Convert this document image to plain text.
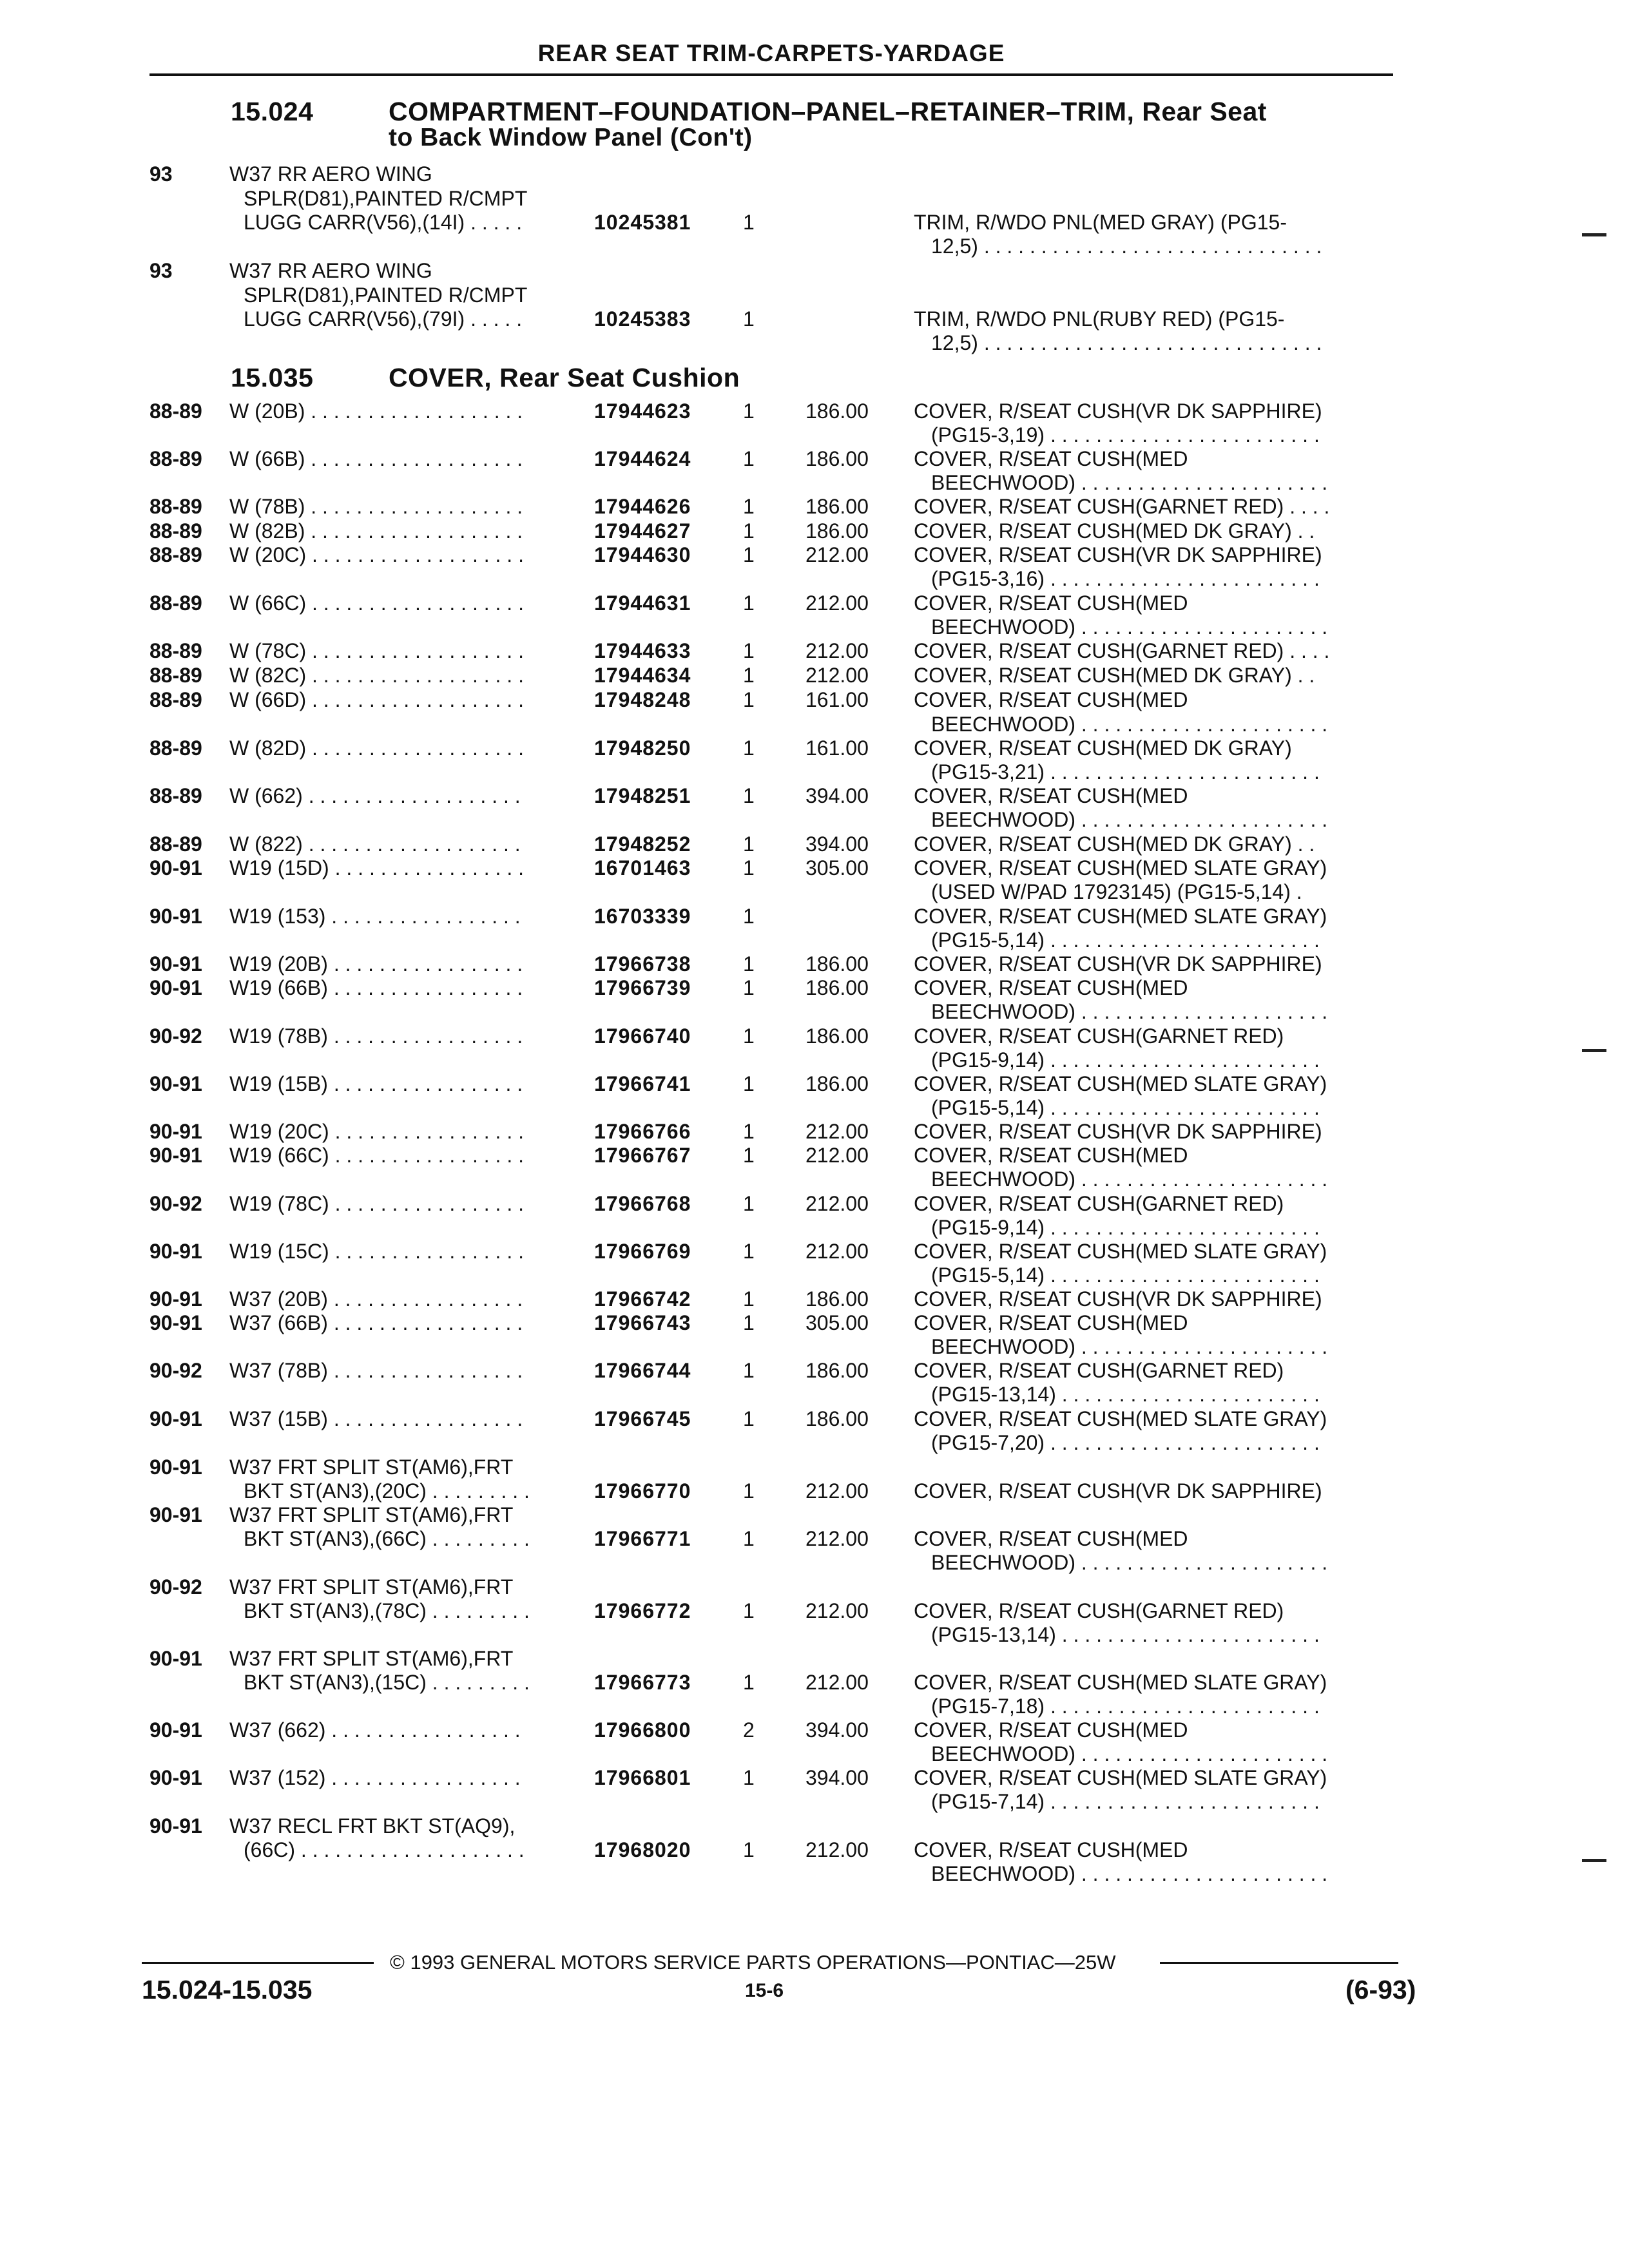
REAR SEAT TRIM-CARPETS-YARDAGE
15.024	COMPARTMENT–FOUNDATION–PANEL–RETAINER–TRIM, Rear Seat
to Back Window Panel (Con't)
15.035	COVER, Rear Seat Cushion
93	W37 RR AERO WING
SPLR(D81),PAINTED R/CMPT
LUGG CARR(V56),(14I) . . . . .	10245381	1	TRIM, R/WDO PNL(MED GRAY) (PG15-
12,5) . . . . . . . . . . . . . . . . . . . . . . . . . . . . . .
93	W37 RR AERO WING
SPLR(D81),PAINTED R/CMPT
LUGG CARR(V56),(79I) . . . . .	10245383	1	TRIM, R/WDO PNL(RUBY RED) (PG15-
12,5) . . . . . . . . . . . . . . . . . . . . . . . . . . . . . .
88-89 W (20B) . . . . . . . . . . . . . . . . . . .	17944623	1 186.00 COVER, R/SEAT CUSH(VR DK SAPPHIRE)
(PG15-3,19) . . . . . . . . . . . . . . . . . . . . . . . .
88-89 W (66B) . . . . . . . . . . . . . . . . . . .	17944624	1 186.00 COVER, R/SEAT CUSH(MED
BEECHWOOD) . . . . . . . . . . . . . . . . . . . . . .
88-89 W (78B) . . . . . . . . . . . . . . . . . . .	17944626	1 186.00 COVER, R/SEAT CUSH(GARNET RED) . . . .
88-89 W (82B) . . . . . . . . . . . . . . . . . . .	17944627	1 186.00 COVER, R/SEAT CUSH(MED DK GRAY) . .
88-89 W (20C) . . . . . . . . . . . . . . . . . . .	17944630	1 212.00 COVER, R/SEAT CUSH(VR DK SAPPHIRE)
(PG15-3,16) . . . . . . . . . . . . . . . . . . . . . . . .
88-89 W (66C) . . . . . . . . . . . . . . . . . . .	17944631	1 212.00 COVER, R/SEAT CUSH(MED
BEECHWOOD) . . . . . . . . . . . . . . . . . . . . . .
88-89 W (78C) . . . . . . . . . . . . . . . . . . .	17944633	1 212.00 COVER, R/SEAT CUSH(GARNET RED) . . . .
88-89 W (82C) . . . . . . . . . . . . . . . . . . .	17944634	1 212.00 COVER, R/SEAT CUSH(MED DK GRAY) . .
88-89 W (66D) . . . . . . . . . . . . . . . . . . .	17948248	1 161.00 COVER, R/SEAT CUSH(MED
BEECHWOOD) . . . . . . . . . . . . . . . . . . . . . .
88-89 W (82D) . . . . . . . . . . . . . . . . . . .	17948250	1 161.00 COVER, R/SEAT CUSH(MED DK GRAY)
(PG15-3,21) . . . . . . . . . . . . . . . . . . . . . . . .
88-89 W (662) . . . . . . . . . . . . . . . . . . .	17948251	1 394.00 COVER, R/SEAT CUSH(MED
BEECHWOOD) . . . . . . . . . . . . . . . . . . . . . .
88-89 W (822) . . . . . . . . . . . . . . . . . . .	17948252	1 394.00 COVER, R/SEAT CUSH(MED DK GRAY) . .
90-91 W19 (15D) . . . . . . . . . . . . . . . . .	16701463	1 305.00 COVER, R/SEAT CUSH(MED SLATE GRAY)
(USED W/PAD 17923145) (PG15-5,14) .
90-91 W19 (153) . . . . . . . . . . . . . . . . .	16703339	1	COVER, R/SEAT CUSH(MED SLATE GRAY)
(PG15-5,14) . . . . . . . . . . . . . . . . . . . . . . . .
90-91 W19 (20B) . . . . . . . . . . . . . . . . .	17966738	1 186.00 COVER, R/SEAT CUSH(VR DK SAPPHIRE)
90-91 W19 (66B) . . . . . . . . . . . . . . . . .	17966739	1 186.00 COVER, R/SEAT CUSH(MED
BEECHWOOD) . . . . . . . . . . . . . . . . . . . . . .
90-92 W19 (78B) . . . . . . . . . . . . . . . . .	17966740	1 186.00 COVER, R/SEAT CUSH(GARNET RED)
(PG15-9,14) . . . . . . . . . . . . . . . . . . . . . . . .
90-91 W19 (15B) . . . . . . . . . . . . . . . . .	17966741	1 186.00 COVER, R/SEAT CUSH(MED SLATE GRAY)
(PG15-5,14) . . . . . . . . . . . . . . . . . . . . . . . .
90-91 W19 (20C) . . . . . . . . . . . . . . . . .	17966766	1 212.00 COVER, R/SEAT CUSH(VR DK SAPPHIRE)
90-91 W19 (66C) . . . . . . . . . . . . . . . . .	17966767	1 212.00 COVER, R/SEAT CUSH(MED
BEECHWOOD) . . . . . . . . . . . . . . . . . . . . . .
90-92 W19 (78C) . . . . . . . . . . . . . . . . .	17966768	1 212.00 COVER, R/SEAT CUSH(GARNET RED)
(PG15-9,14) . . . . . . . . . . . . . . . . . . . . . . . .
90-91 W19 (15C) . . . . . . . . . . . . . . . . .	17966769	1 212.00 COVER, R/SEAT CUSH(MED SLATE GRAY)
(PG15-5,14) . . . . . . . . . . . . . . . . . . . . . . . .
90-91 W37 (20B) . . . . . . . . . . . . . . . . .	17966742	1 186.00 COVER, R/SEAT CUSH(VR DK SAPPHIRE)
90-91 W37 (66B) . . . . . . . . . . . . . . . . .	17966743	1 305.00 COVER, R/SEAT CUSH(MED
BEECHWOOD) . . . . . . . . . . . . . . . . . . . . . .
90-92 W37 (78B) . . . . . . . . . . . . . . . . .	17966744	1 186.00 COVER, R/SEAT CUSH(GARNET RED)
(PG15-13,14) . . . . . . . . . . . . . . . . . . . . . . .
90-91 W37 (15B) . . . . . . . . . . . . . . . . .	17966745	1 186.00 COVER, R/SEAT CUSH(MED SLATE GRAY)
(PG15-7,20) . . . . . . . . . . . . . . . . . . . . . . . .
90-91 W37 FRT SPLIT ST(AM6),FRT
BKT ST(AN3),(20C) . . . . . . . . .	17966770	1 212.00 COVER, R/SEAT CUSH(VR DK SAPPHIRE)
90-91 W37 FRT SPLIT ST(AM6),FRT
BKT ST(AN3),(66C) . . . . . . . . .	17966771	1 212.00 COVER, R/SEAT CUSH(MED
BEECHWOOD) . . . . . . . . . . . . . . . . . . . . . .
90-92 W37 FRT SPLIT ST(AM6),FRT
BKT ST(AN3),(78C) . . . . . . . . .	17966772	1 212.00 COVER, R/SEAT CUSH(GARNET RED)
(PG15-13,14) . . . . . . . . . . . . . . . . . . . . . . .
90-91 W37 FRT SPLIT ST(AM6),FRT
BKT ST(AN3),(15C) . . . . . . . . .	17966773	1 212.00 COVER, R/SEAT CUSH(MED SLATE GRAY)
(PG15-7,18) . . . . . . . . . . . . . . . . . . . . . . . .
90-91 W37 (662) . . . . . . . . . . . . . . . . .	17966800	2 394.00 COVER, R/SEAT CUSH(MED
BEECHWOOD) . . . . . . . . . . . . . . . . . . . . . .
90-91 W37 (152) . . . . . . . . . . . . . . . . .	17966801	1 394.00 COVER, R/SEAT CUSH(MED SLATE GRAY)
(PG15-7,14) . . . . . . . . . . . . . . . . . . . . . . . .
90-91 W37 RECL FRT BKT ST(AQ9),
(66C) . . . . . . . . . . . . . . . . . . . .	17968020	1 212.00 COVER, R/SEAT CUSH(MED
BEECHWOOD) . . . . . . . . . . . . . . . . . . . . . .
© 1993 GENERAL MOTORS SERVICE PARTS OPERATIONS—PONTIAC—25W
15.024-15.035	15-6	(6-93)
